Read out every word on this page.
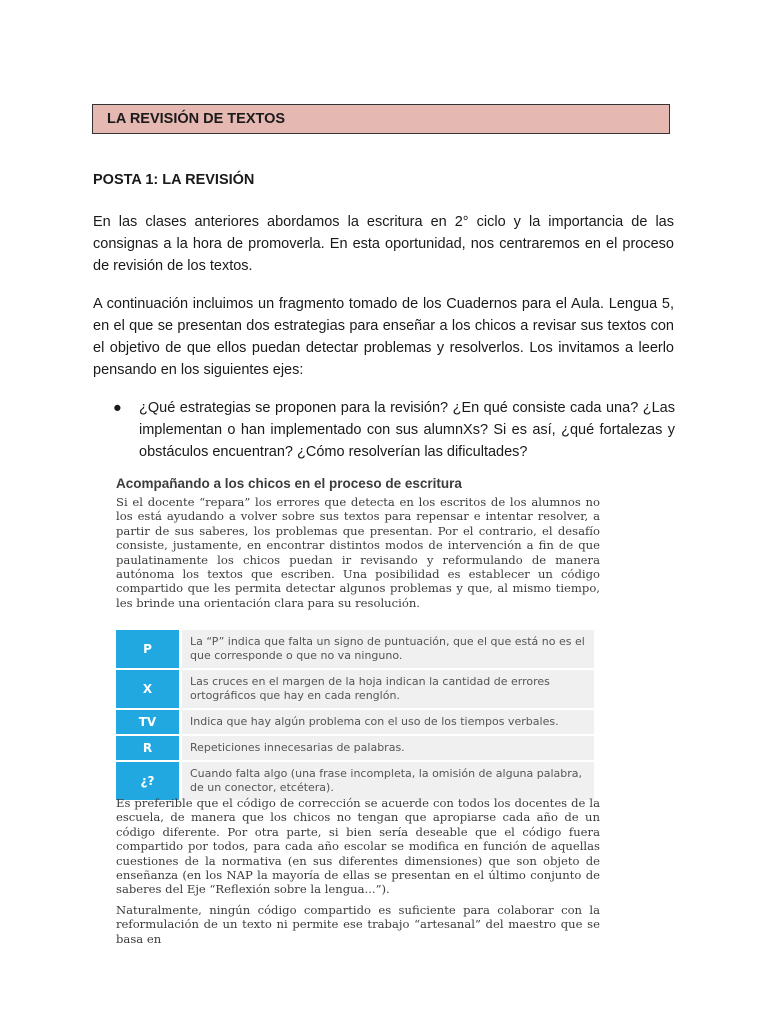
LA REVISIÓN DE TEXTOS
POSTA 1: LA REVISIÓN

En las clases anteriores abordamos la escritura en 2° ciclo y la importancia de las consignas a la hora de promoverla. En esta oportunidad, nos centraremos en el proceso de revisión de los textos.

A continuación incluimos un fragmento tomado de los Cuadernos para el Aula. Lengua 5, en el que se presentan dos estrategias para enseñar a los chicos a revisar sus textos con el objetivo de que ellos puedan detectar problemas y resolverlos. Los invitamos a leerlo pensando en los siguientes ejes:

● ¿Qué estrategias se proponen para la revisión? ¿En qué consiste cada una? ¿Las implementan o han implementado con sus alumnXs? Si es así, ¿qué fortalezas y obstáculos encuentran? ¿Cómo resolverían las dificultades?

Acompañando a los chicos en el proceso de escritura

Si el docente “repara” los errores que detecta en los escritos de los alumnos no los está ayudando a volver sobre sus textos para repensar e intentar resolver, a partir de sus saberes, los problemas que presentan. Por el contrario, el desafío consiste, justamente, en encontrar distintos modos de intervención a fin de que paulatinamente los chicos puedan ir revisando y reformulando de manera autónoma los textos que escriben. Una posibilidad es establecer un código compartido que les permita detectar algunos problemas y que, al mismo tiempo, les brinde una orientación clara para su resolución.

P	La “P” indica que falta un signo de puntuación, que el que está no es el que corresponde o que no va ninguno.
X	Las cruces en el margen de la hoja indican la cantidad de errores ortográficos que hay en cada renglón.
TV	Indica que hay algún problema con el uso de los tiempos verbales.
R	Repeticiones innecesarias de palabras.
¿?	Cuando falta algo (una frase incompleta, la omisión de alguna palabra, de un conector, etcétera).

Es preferible que el código de corrección se acuerde con todos los docentes de la escuela, de manera que los chicos no tengan que apropiarse cada año de un código diferente. Por otra parte, si bien sería deseable que el código fuera compartido por todos, para cada año escolar se modifica en función de aquellas cuestiones de la normativa (en sus diferentes dimensiones) que son objeto de enseñanza (en los NAP la mayoría de ellas se presentan en el último conjunto de saberes del Eje “Reflexión sobre la lengua...”).

Naturalmente, ningún código compartido es suficiente para colaborar con la reformulación de un texto ni permite ese trabajo “artesanal” del maestro que se basa en
